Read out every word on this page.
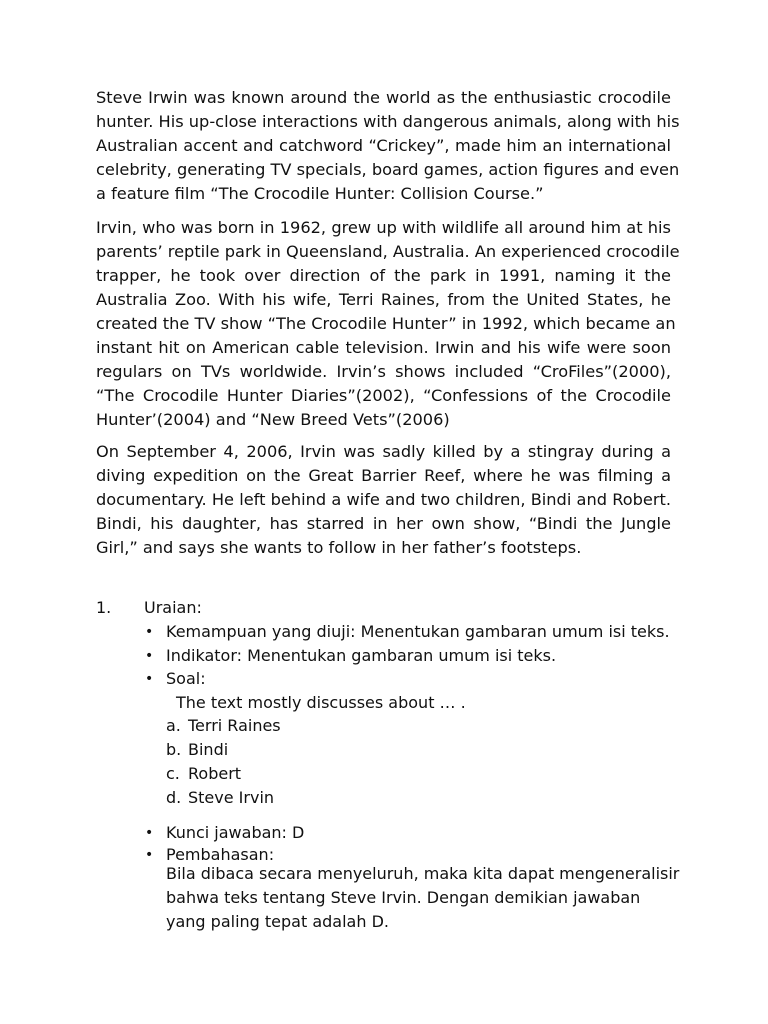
Steve Irwin was known around the world as the enthusiastic crocodile
hunter. His up-close interactions with dangerous animals, along with his
Australian accent and catchword “Crickey”, made him an international
celebrity, generating TV specials, board games, action figures and even
a feature film “The Crocodile Hunter: Collision Course.”
Irvin, who was born in 1962, grew up with wildlife all around him at his
parents’ reptile park in Queensland, Australia. An experienced crocodile
trapper, he took over direction of the park in 1991, naming it the
Australia Zoo. With his wife, Terri Raines, from the United States, he
created the TV show “The Crocodile Hunter” in 1992, which became an
instant hit on American cable television. Irwin and his wife were soon
regulars on TVs worldwide. Irvin’s shows included “CroFiles”(2000),
“The Crocodile Hunter Diaries”(2002), “Confessions of the Crocodile
Hunter’(2004) and “New Breed Vets”(2006)
On September 4, 2006, Irvin was sadly killed by a stingray during a
diving expedition on the Great Barrier Reef, where he was filming a
documentary. He left behind a wife and two children, Bindi and Robert.
Bindi, his daughter, has starred in her own show, “Bindi the Jungle
Girl,” and says she wants to follow in her father’s footsteps.
1. Uraian:
• Kemampuan yang diuji: Menentukan gambaran umum isi teks.
• Indikator: Menentukan gambaran umum isi teks.
• Soal:
The text mostly discusses about … .
a. Terri Raines
b. Bindi
c. Robert
d. Steve Irvin
• Kunci jawaban: D
• Pembahasan:
Bila dibaca secara menyeluruh, maka kita dapat mengeneralisir
bahwa teks tentang Steve Irvin. Dengan demikian jawaban
yang paling tepat adalah D.
